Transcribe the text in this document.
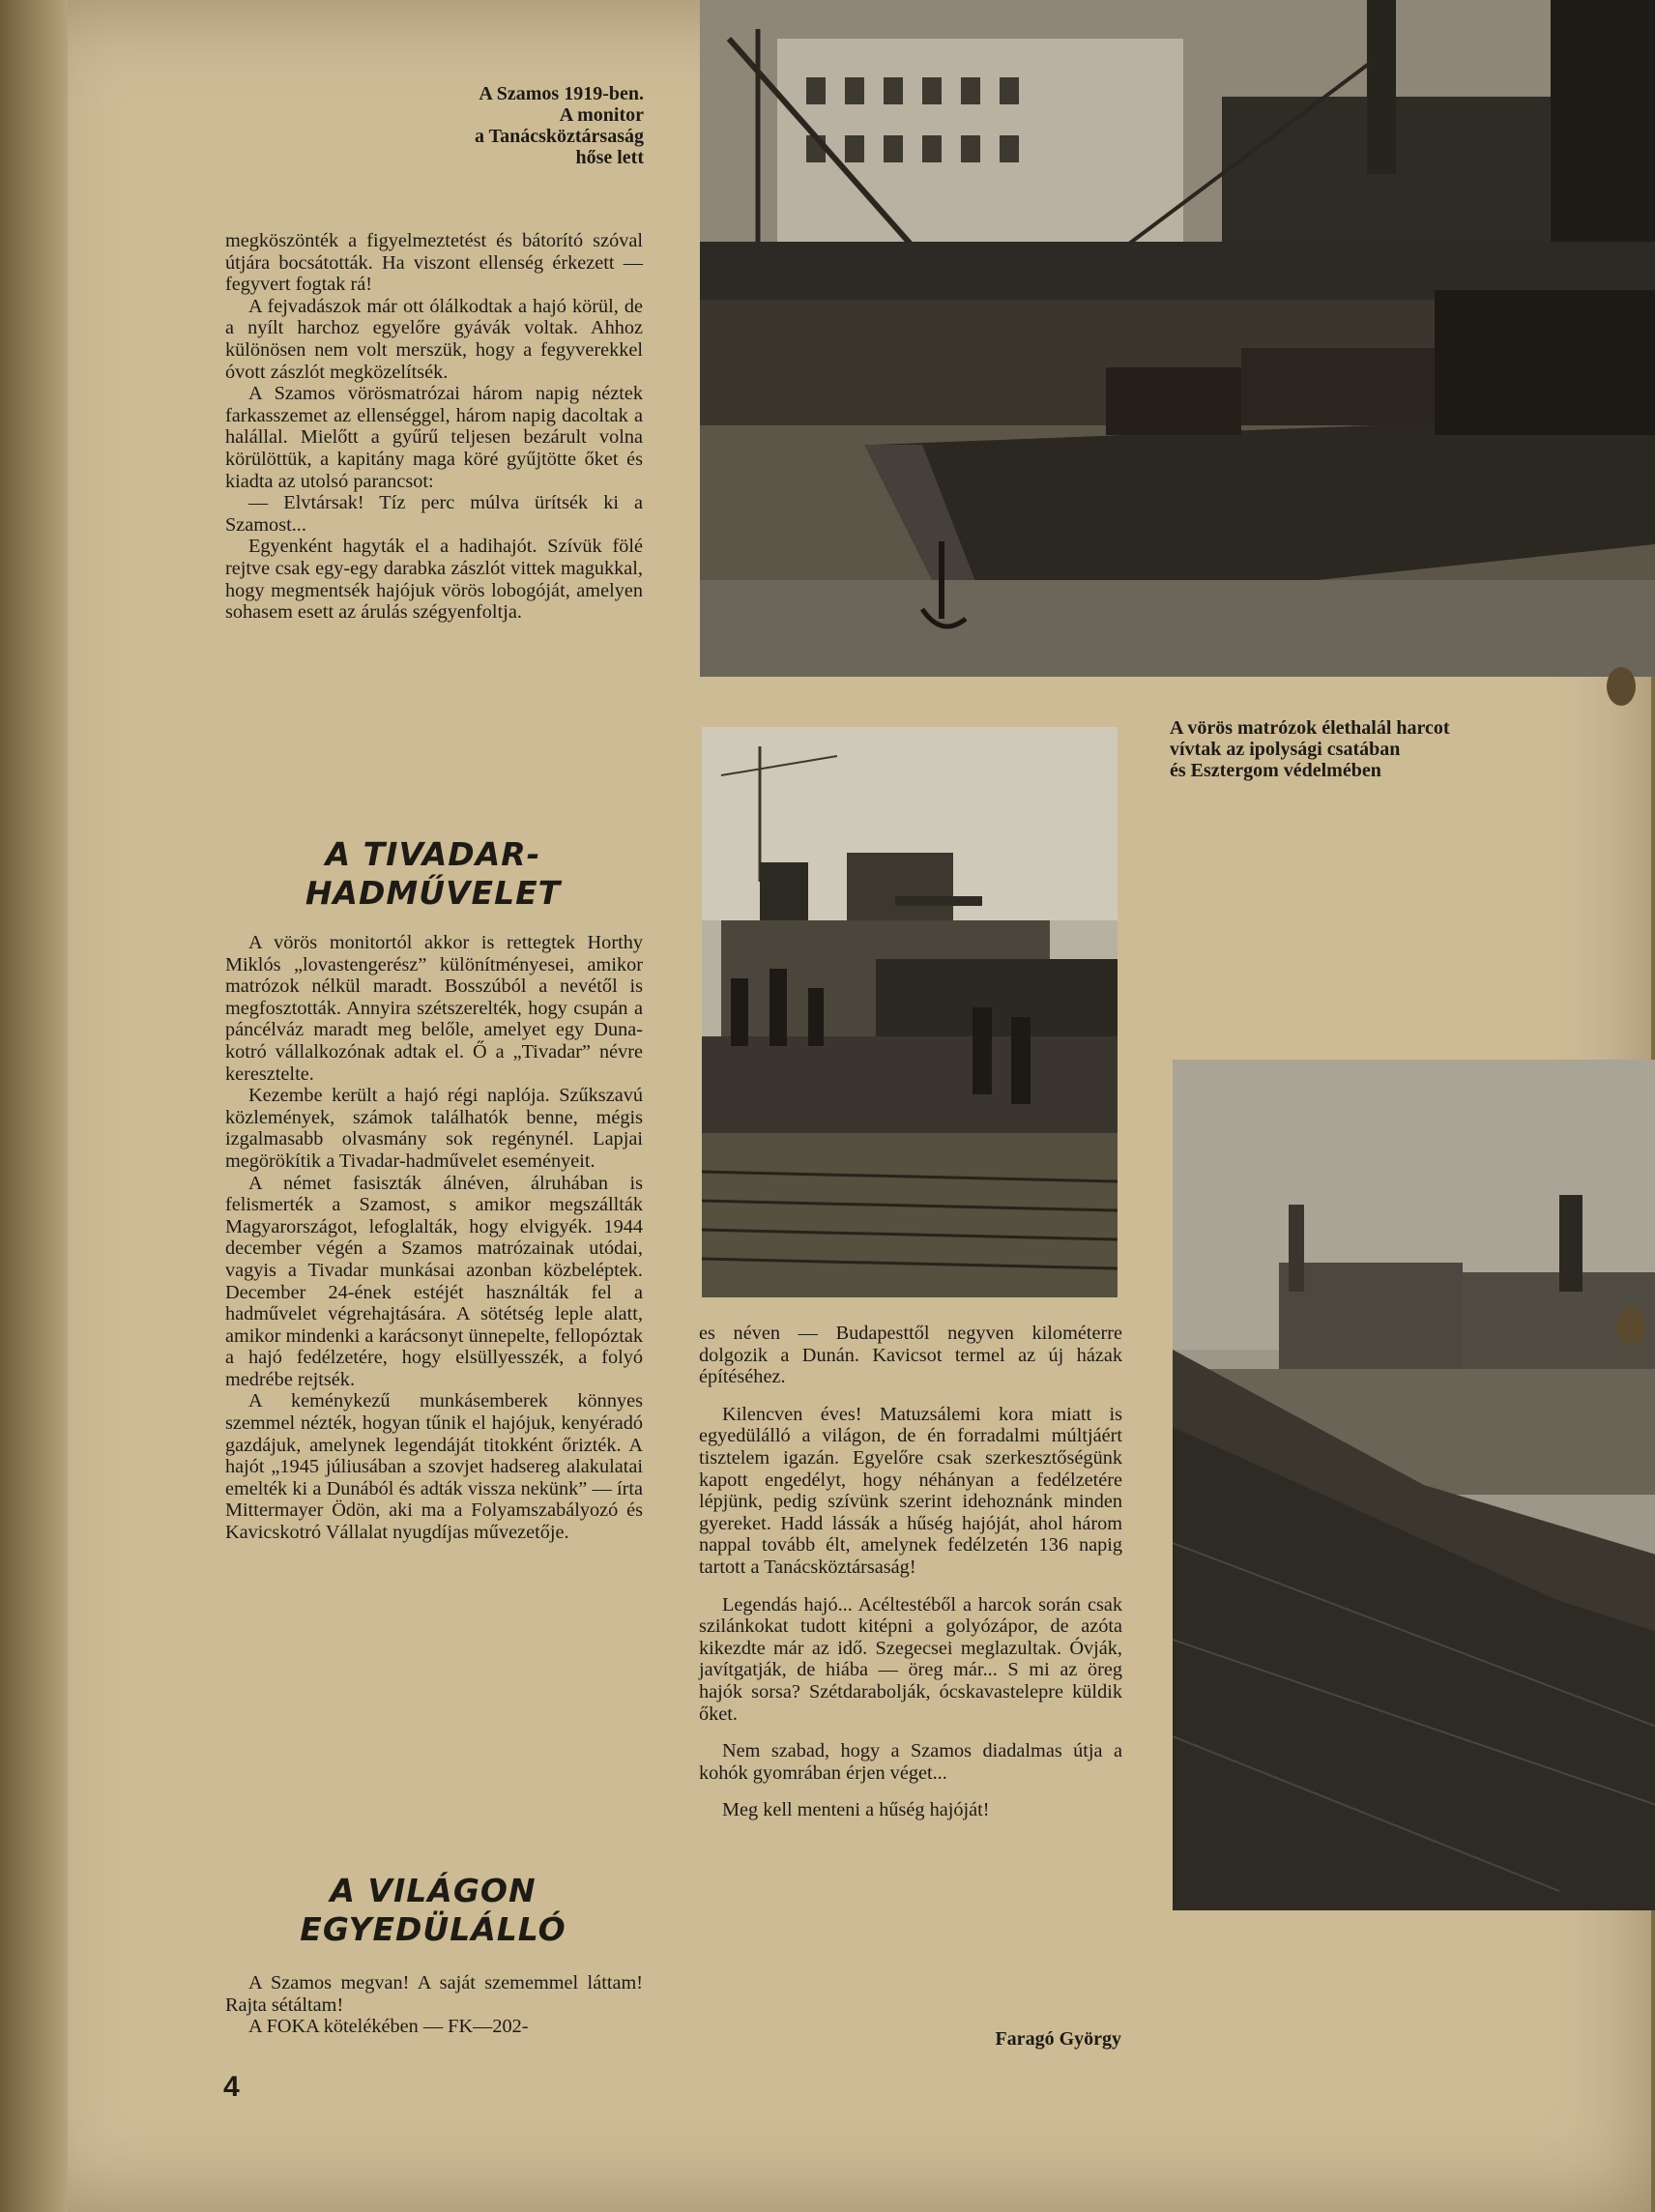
A Szamos 1919-ben.
A monitor
a Tanácsköztársaság
hőse lett
A vörös matrózok élethalál harcot
vívtak az ipolysági csatában
és Esztergom védelmében

megköszönték a figyelmeztetést és bátorító szóval útjára bocsátották. Ha viszont ellenség érkezett — fegyvert fogtak rá!

A fejvadászok már ott ólálkodtak a hajó körül, de a nyílt harchoz egyelőre gyávák voltak. Ahhoz különösen nem volt merszük, hogy a fegyverekkel óvott zászlót megközelítsék.

A Szamos vörösmatrózai három napig néztek farkasszemet az ellenséggel, három napig dacoltak a halállal. Mielőtt a gyűrű teljesen bezárult volna körülöttük, a kapitány maga köré gyűjtötte őket és kiadta az utolsó parancsot:

— Elvtársak! Tíz perc múlva ürítsék ki a Szamost...

Egyenként hagyták el a hadihajót. Szívük fölé rejtve csak egy-egy darabka zászlót vittek magukkal, hogy megmentsék hajójuk vörös lobogóját, amelyen sohasem esett az árulás szégyenfoltja.

A TIVADAR-
HADMŰVELET

A vörös monitortól akkor is rettegtek Horthy Miklós „lovastengerész” különítményesei, amikor matrózok nélkül maradt. Bosszúból a nevétől is megfosztották. Annyira szétszerelték, hogy csupán a páncélváz maradt meg belőle, amelyet egy Duna-kotró vállalkozónak adtak el. Ő a „Tivadar” névre keresztelte.

Kezembe került a hajó régi naplója. Szűkszavú közlemények, számok találhatók benne, mégis izgalmasabb olvasmány sok regénynél. Lapjai megörökítik a Tivadar-hadművelet eseményeit.

A német fasiszták álnéven, álruhában is felismerték a Szamost, s amikor megszállták Magyarországot, lefoglalták, hogy elvigyék. 1944 december végén a Szamos matrózainak utódai, vagyis a Tivadar munkásai azonban közbeléptek. December 24-ének estéjét használták fel a hadművelet végrehajtására. A sötétség leple alatt, amikor mindenki a karácsonyt ünnepelte, fellopóztak a hajó fedélzetére, hogy elsüllyesszék, a folyó medrébe rejtsék.

A keménykezű munkásemberek könnyes szemmel nézték, hogyan tűnik el hajójuk, kenyéradó gazdájuk, amelynek legendáját titokként őrizték. A hajót „1945 júliusában a szovjet hadsereg alakulatai emelték ki a Dunából és adták vissza nekünk” — írta Mittermayer Ödön, aki ma a Folyamszabályozó és Kavicskotró Vállalat nyugdíjas művezetője.

A VILÁGON
EGYEDÜLÁLLÓ

A Szamos megvan! A saját szememmel láttam! Rajta sétáltam!

A FOKA kötelékében — FK—202-

es néven — Budapesttől negyven kilométerre dolgozik a Dunán. Kavicsot termel az új házak építéséhez.

Kilencven éves! Matuzsálemi kora miatt is egyedülálló a világon, de én forradalmi múltjáért tisztelem igazán. Egyelőre csak szerkesztőségünk kapott engedélyt, hogy néhányan a fedélzetére lépjünk, pedig szívünk szerint idehoznánk minden gyereket. Hadd lássák a hűség hajóját, ahol három nappal tovább élt, amelynek fedélzetén 136 napig tartott a Tanácsköztársaság!

Legendás hajó... Acéltestéből a harcok során csak szilánkokat tudott kitépni a golyózápor, de azóta kikezdte már az idő. Szegecsei meglazultak. Óvják, javítgatják, de hiába — öreg már... S mi az öreg hajók sorsa? Szétdarabolják, ócskavastelepre küldik őket.

Nem szabad, hogy a Szamos diadalmas útja a kohók gyomrában érjen véget...

Meg kell menteni a hűség hajóját!

Faragó György
4
